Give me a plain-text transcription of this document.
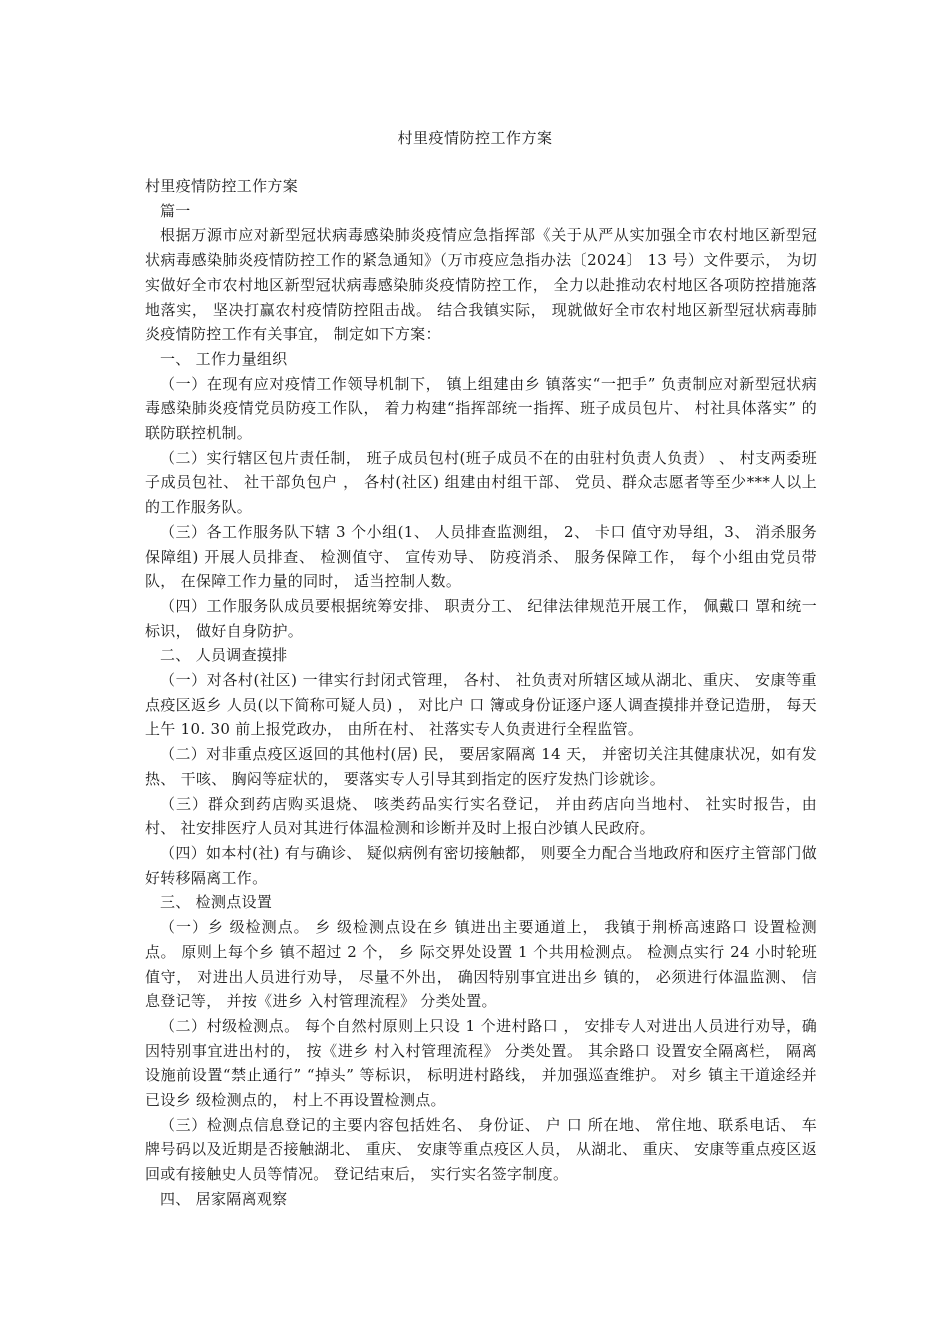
村里疫情防控工作方案

村里疫情防控工作方案

篇一

根据万源市应对新型冠状病毒感染肺炎疫情应急指挥部《关于从严从实加强全市农村地区新型冠状病毒感染肺炎疫情防控工作的紧急通知》（万市疫应急指办法〔2024〕 13 号）文件要示， 为切实做好全市农村地区新型冠状病毒感染肺炎疫情防控工作， 全力以赴推动农村地区各项防控措施落地落实， 坚决打赢农村疫情防控阻击战。 结合我镇实际， 现就做好全市农村地区新型冠状病毒肺炎疫情防控工作有关事宜， 制定如下方案：

一、 工作力量组织

（一）在现有应对疫情工作领导机制下， 镇上组建由乡 镇落实“一把手” 负责制应对新型冠状病毒感染肺炎疫情党员防疫工作队， 着力构建“指挥部统一指挥、班子成员包片、 村社具体落实” 的联防联控机制。

（二）实行辖区包片责任制， 班子成员包村(班子成员不在的由驻村负责人负责） 、 村支两委班子成员包社、 社干部负包户 ， 各村(社区) 组建由村组干部、 党员、群众志愿者等至少***人以上的工作服务队。

（三）各工作服务队下辖 3 个小组(1、 人员排查监测组， 2、 卡口 值守劝导组，3、 消杀服务保障组) 开展人员排查、 检测值守、 宣传劝导、 防疫消杀、 服务保障工作， 每个小组由党员带队， 在保障工作力量的同时， 适当控制人数。

（四）工作服务队成员要根据统筹安排、 职责分工、 纪律法律规范开展工作， 佩戴口 罩和统一标识， 做好自身防护。

二、 人员调查摸排

（一）对各村(社区) 一律实行封闭式管理， 各村、 社负责对所辖区域从湖北、重庆、 安康等重点疫区返乡 人员(以下简称可疑人员) ， 对比户 口 簿或身份证逐户逐人调查摸排并登记造册， 每天上午 10. 30 前上报党政办， 由所在村、 社落实专人负责进行全程监管。

（二）对非重点疫区返回的其他村(居) 民， 要居家隔离 14 天， 并密切关注其健康状况，如有发热、 干咳、 胸闷等症状的， 要落实专人引导其到指定的医疗发热门诊就诊。

（三）群众到药店购买退烧、 咳类药品实行实名登记， 并由药店向当地村、 社实时报告，由村、 社安排医疗人员对其进行体温检测和诊断并及时上报白沙镇人民政府。

（四）如本村(社) 有与确诊、 疑似病例有密切接触都， 则要全力配合当地政府和医疗主管部门做好转移隔离工作。

三、 检测点设置

（一）乡 级检测点。 乡 级检测点设在乡 镇进出主要通道上， 我镇于荆桥高速路口 设置检测点。 原则上每个乡 镇不超过 2 个， 乡 际交界处设置 1 个共用检测点。 检测点实行 24 小时轮班值守， 对进出人员进行劝导， 尽量不外出， 确因特别事宜进出乡 镇的， 必须进行体温监测、 信息登记等， 并按《进乡 入村管理流程》 分类处置。

（二）村级检测点。 每个自然村原则上只设 1 个进村路口 ， 安排专人对进出人员进行劝导，确因特别事宜进出村的， 按《进乡 村入村管理流程》 分类处置。 其余路口 设置安全隔离栏， 隔离设施前设置“禁止通行” “掉头” 等标识， 标明进村路线， 并加强巡查维护。 对乡 镇主干道途经并已设乡 级检测点的， 村上不再设置检测点。

（三）检测点信息登记的主要内容包括姓名、 身份证、 户 口 所在地、 常住地、联系电话、 车牌号码以及近期是否接触湖北、 重庆、 安康等重点疫区人员， 从湖北、 重庆、 安康等重点疫区返回或有接触史人员等情况。 登记结束后， 实行实名签字制度。

四、 居家隔离观察
